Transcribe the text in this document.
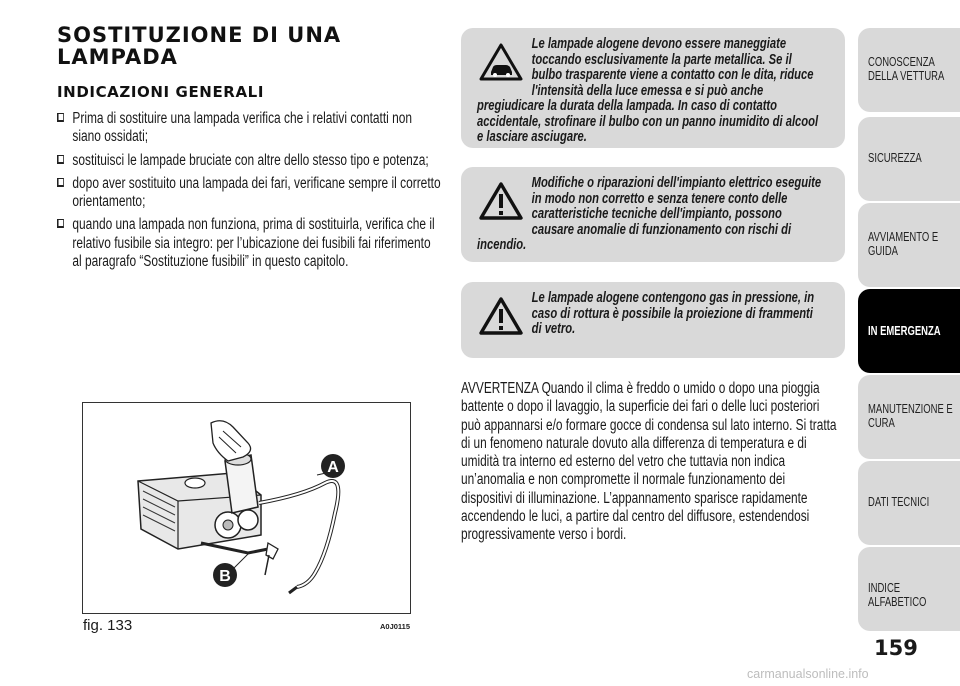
SOSTITUZIONE DI UNA LAMPADA
INDICAZIONI GENERALI
Prima di sostituire una lampada verifica che i relativi contatti non siano ossidati;
sostituisci le lampade bruciate con altre dello stesso tipo e potenza;
dopo aver sostituito una lampada dei fari, verificane sempre il corretto orientamento;
quando una lampada non funziona, prima di sostituirla, verifica che il relativo fusibile sia integro: per l’ubicazione dei fusibili fai riferimento al paragrafo “Sostituzione fusibili” in questo capitolo.

Le lampade alogene devono essere maneggiate toccando esclusivamente la parte metallica. Se il bulbo trasparente viene a contatto con le dita, riduce l'intensità della luce emessa e si può anche pregiudicare la durata della lampada. In caso di contatto accidentale, strofinare il bulbo con un panno inumidito di alcool e lasciare asciugare.

Modifiche o riparazioni dell'impianto elettrico eseguite in modo non corretto e senza tenere conto delle caratteristiche tecniche dell'impianto, possono causare anomalie di funzionamento con rischi di incendio.

Le lampade alogene contengono gas in pressione, in caso di rottura è possibile la proiezione di frammenti di vetro.

AVVERTENZA Quando il clima è freddo o umido o dopo una pioggia battente o dopo il lavaggio, la superficie dei fari o delle luci posteriori può appannarsi e/o formare gocce di condensa sul lato interno. Si tratta di un fenomeno naturale dovuto alla differenza di temperatura e di umidità tra interno ed esterno del vetro che tuttavia non indica un’anomalia e non compromette il normale funzionamento dei dispositivi di illuminazione. L’appannamento sparisce rapidamente accendendo le luci, a partire dal centro del diffusore, estendendosi progressivamente verso i bordi.

A
B
fig. 133	A0J0115

CONOSCENZA DELLA VETTURA

SICUREZZA

AVVIAMENTO E GUIDA

IN EMERGENZA

MANUTENZIONE E CURA

DATI TECNICI

INDICE ALFABETICO

159
carmanualsonline.info
